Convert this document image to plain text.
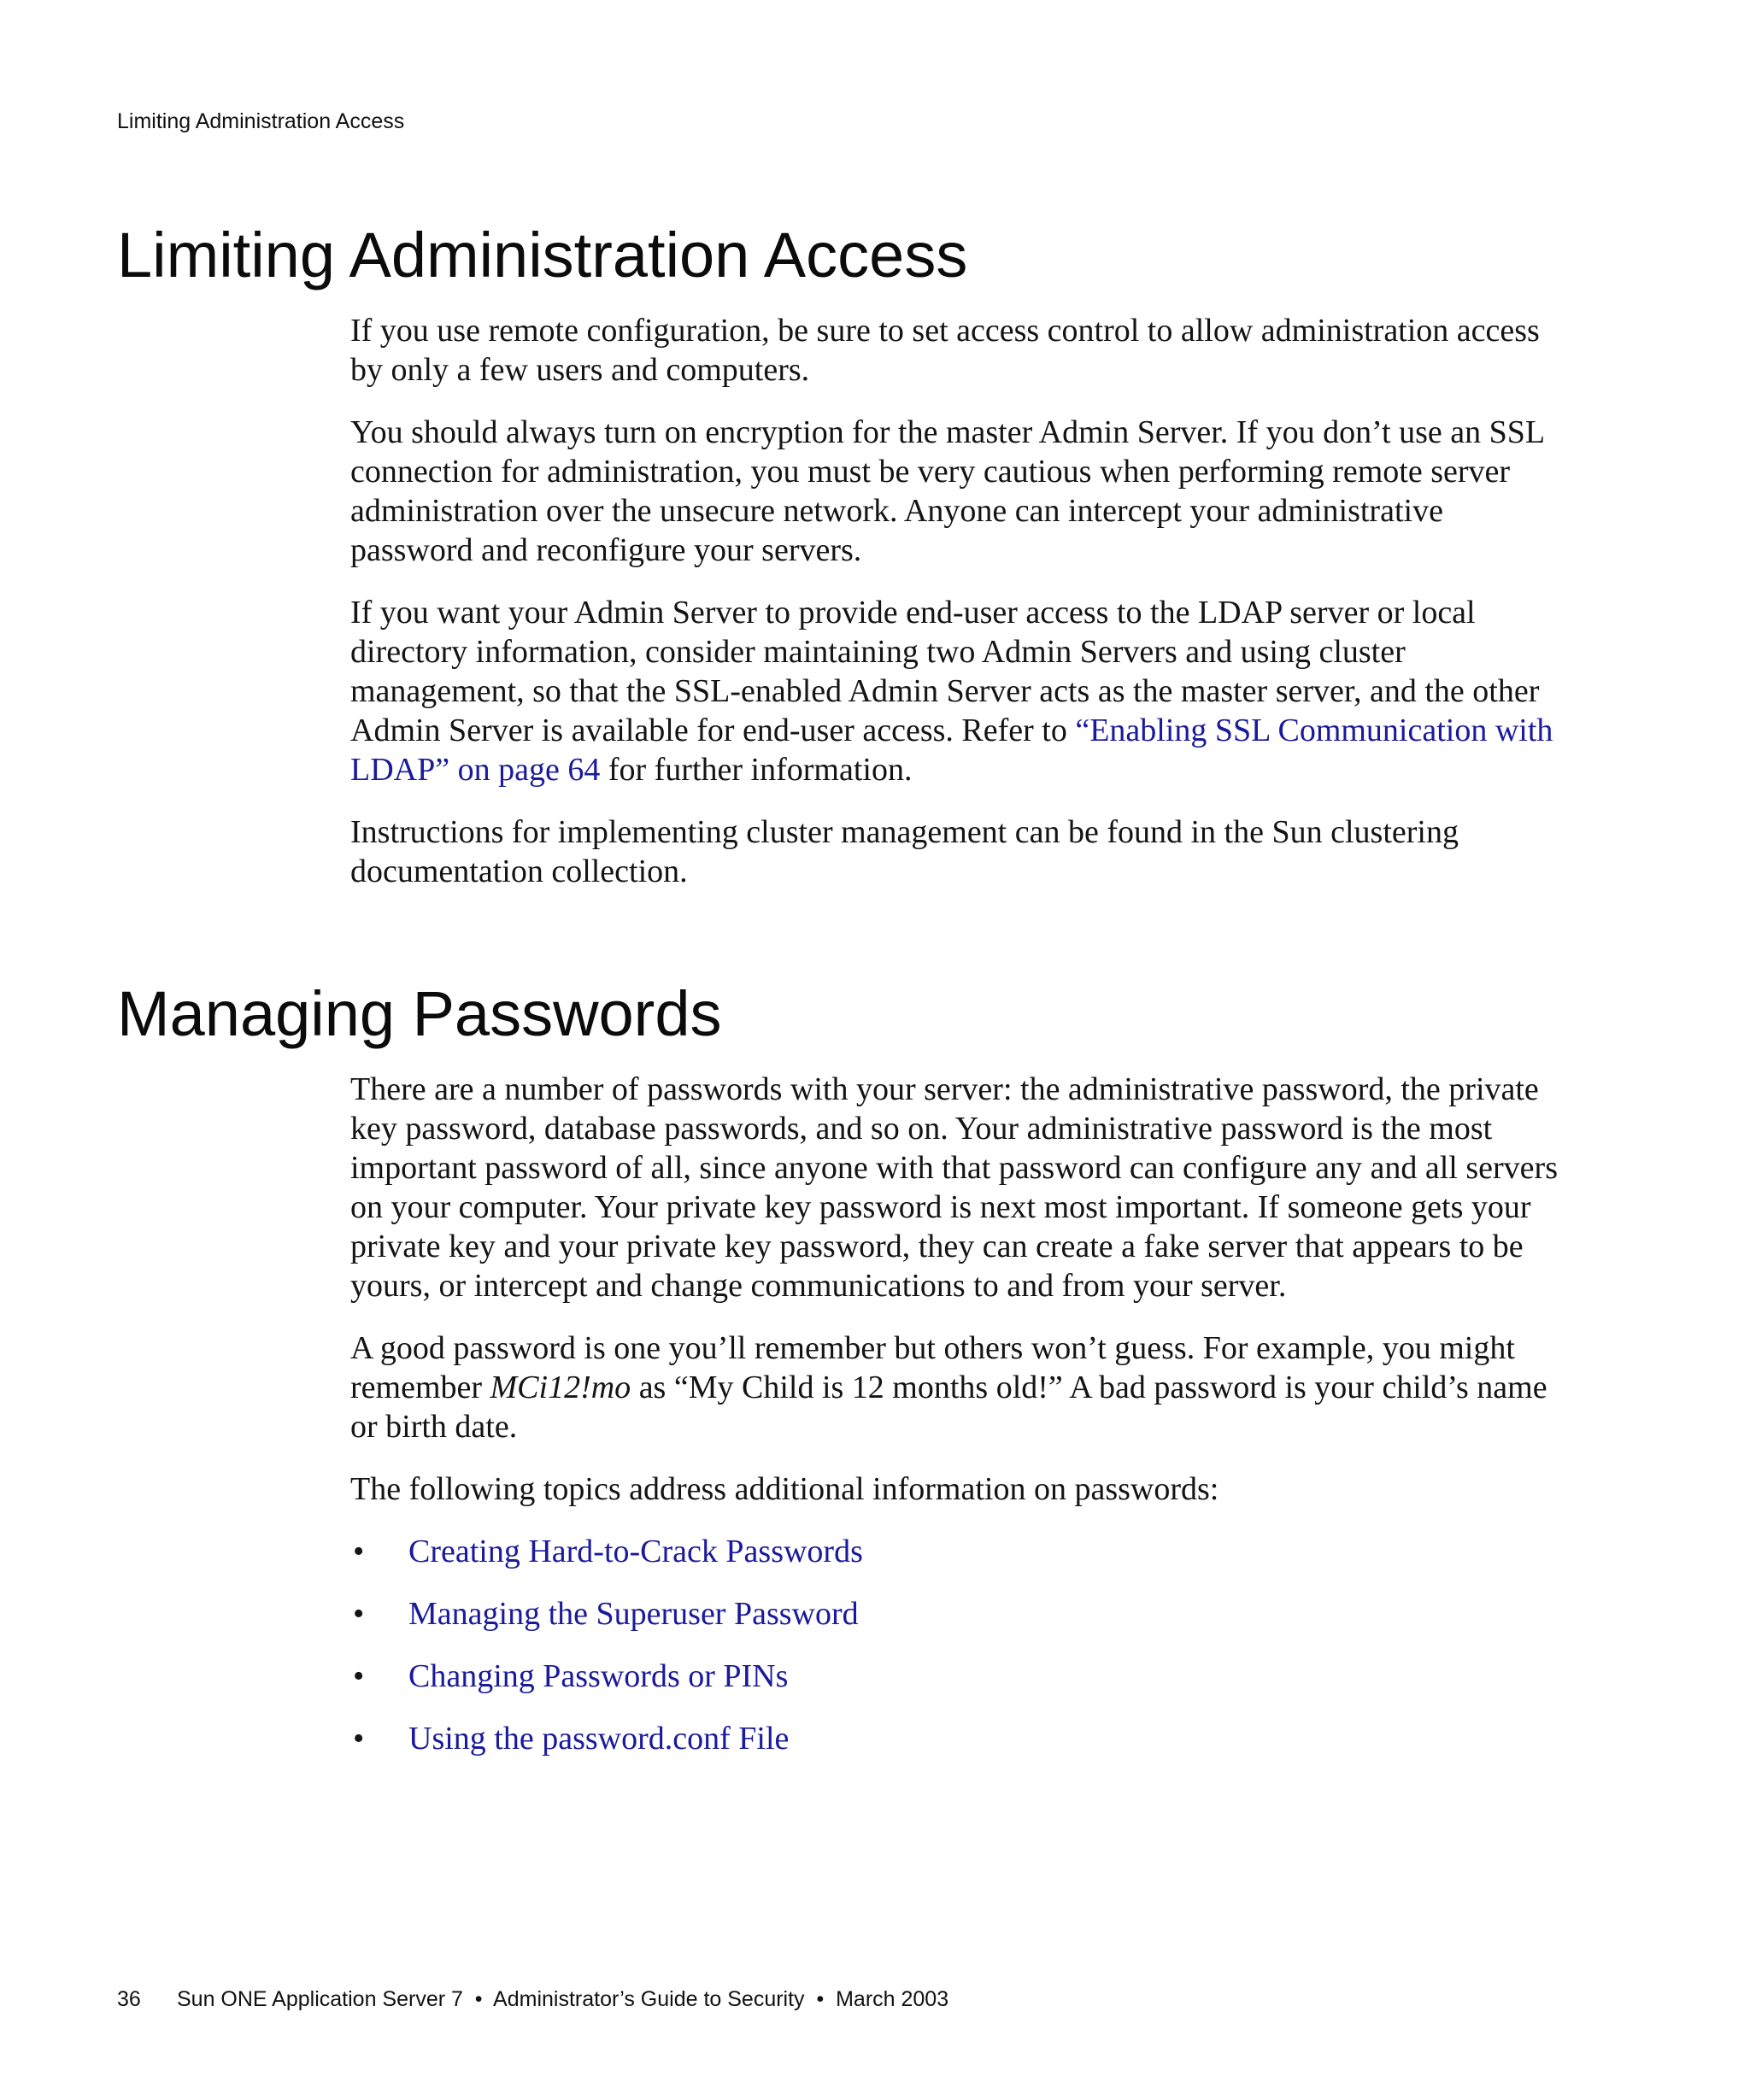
Limiting Administration Access
Limiting Administration Access

If you use remote configuration, be sure to set access control to allow administration access by only a few users and computers.

You should always turn on encryption for the master Admin Server. If you don’t use an SSL connection for administration, you must be very cautious when performing remote server administration over the unsecure network. Anyone can intercept your administrative password and reconfigure your servers.

If you want your Admin Server to provide end-user access to the LDAP server or local directory information, consider maintaining two Admin Servers and using cluster management, so that the SSL-enabled Admin Server acts as the master server, and the other Admin Server is available for end-user access. Refer to “Enabling SSL Communication with LDAP” on page 64 for further information.

Instructions for implementing cluster management can be found in the Sun clustering documentation collection.

Managing Passwords

There are a number of passwords with your server: the administrative password, the private key password, database passwords, and so on. Your administrative password is the most important password of all, since anyone with that password can configure any and all servers on your computer. Your private key password is next most important. If someone gets your private key and your private key password, they can create a fake server that appears to be yours, or intercept and change communications to and from your server.

A good password is one you’ll remember but others won’t guess. For example, you might remember MCi12!mo as “My Child is 12 months old!” A bad password is your child’s name or birth date.

The following topics address additional information on passwords:

• Creating Hard-to-Crack Passwords
• Managing the Superuser Password
• Changing Passwords or PINs
• Using the password.conf File
36 Sun ONE Application Server 7  •  Administrator’s Guide to Security  •  March 2003
